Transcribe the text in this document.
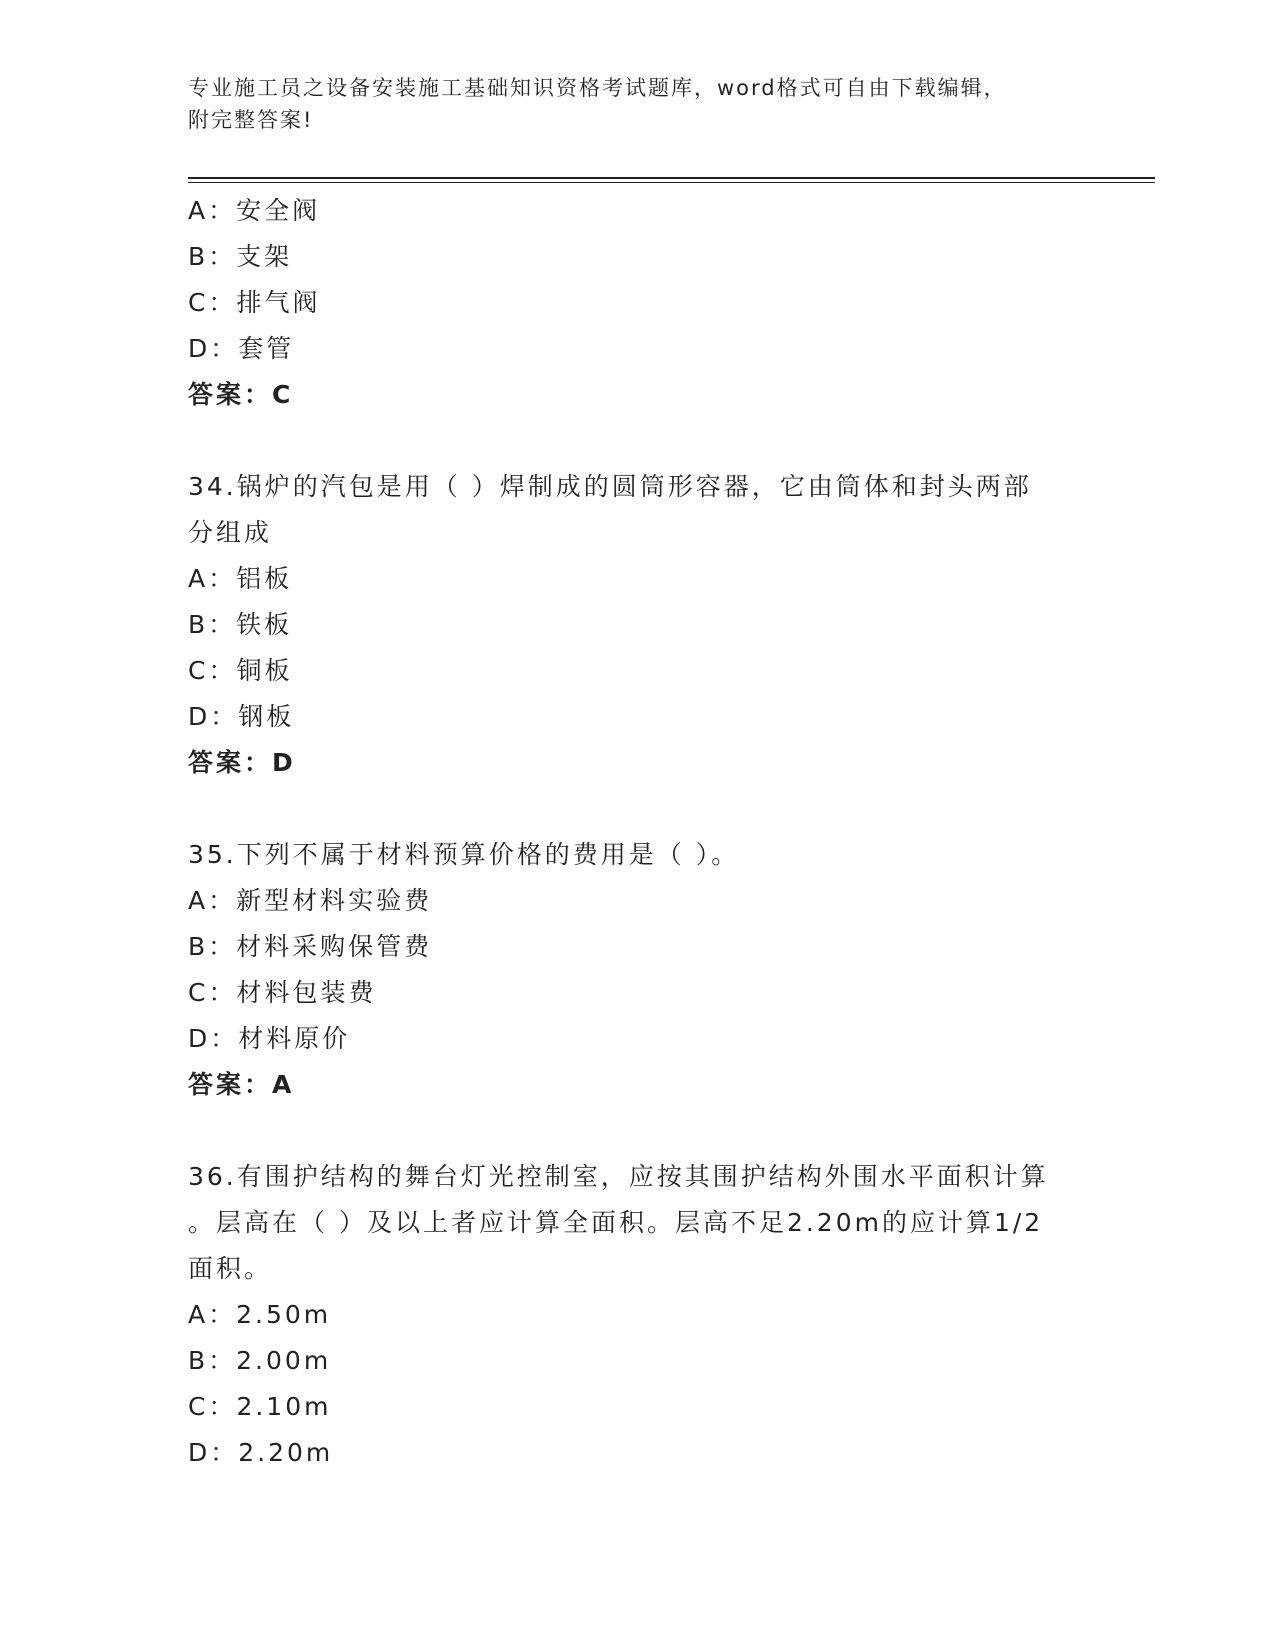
专业施工员之设备安装施工基础知识资格考试题库，word格式可自由下载编辑，
附完整答案!
A：安全阀
B：支架
C：排气阀
D：套管
答案：C
34.锅炉的汽包是用（ ）焊制成的圆筒形容器，它由筒体和封头两部
分组成
A：铝板
B：铁板
C：铜板
D：钢板
答案：D
35.下列不属于材料预算价格的费用是（ ）。
A：新型材料实验费
B：材料采购保管费
C：材料包装费
D：材料原价
答案：A
36.有围护结构的舞台灯光控制室，应按其围护结构外围水平面积计算
。层高在（ ）及以上者应计算全面积。层高不足2.20m的应计算1/2
面积。
A：2.50m
B：2.00m
C：2.10m
D：2.20m
